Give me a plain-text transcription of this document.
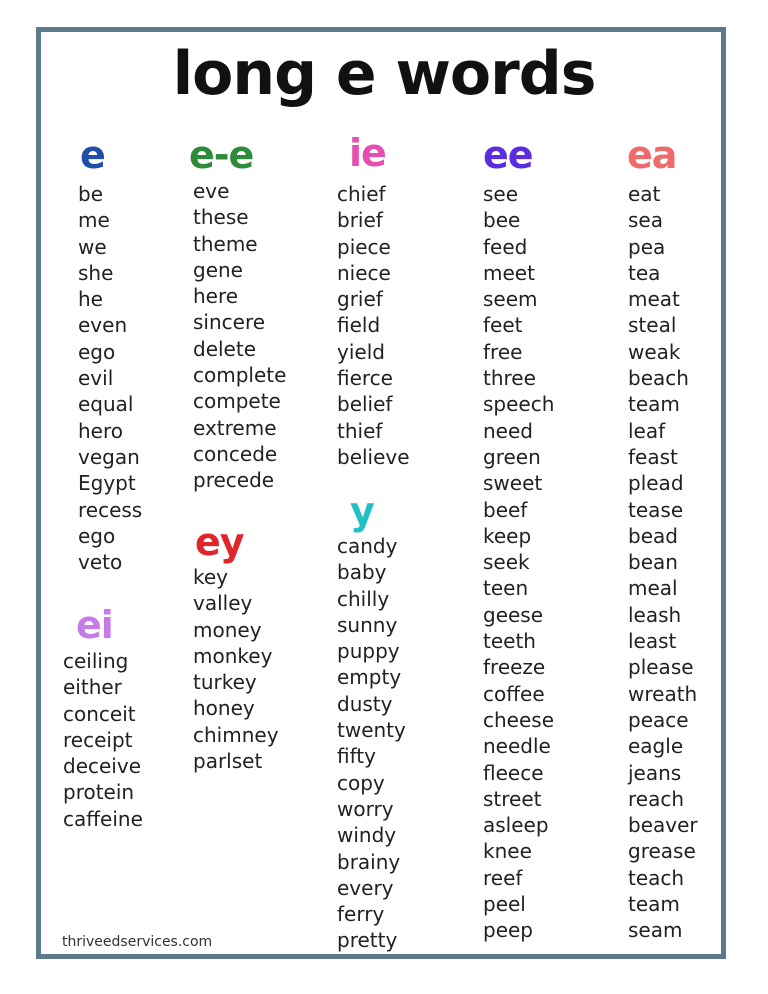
long e words
e
be
me
we
she
he
even
ego
evil
equal
hero
vegan
Egypt
recess
ego
veto
ei
ceiling
either
conceit
receipt
deceive
protein
caffeine
e-e
eve
these
theme
gene
here
sincere
delete
complete
compete
extreme
concede
precede
ey
key
valley
money
monkey
turkey
honey
chimney
parlset
ie
chief
brief
piece
niece
grief
field
yield
fierce
belief
thief
believe
y
candy
baby
chilly
sunny
puppy
empty
dusty
twenty
fifty
copy
worry
windy
brainy
every
ferry
pretty
ee
see
bee
feed
meet
seem
feet
free
three
speech
need
green
sweet
beef
keep
seek
teen
geese
teeth
freeze
coffee
cheese
needle
fleece
street
asleep
knee
reef
peel
peep
ea
eat
sea
pea
tea
meat
steal
weak
beach
team
leaf
feast
plead
tease
bead
bean
meal
leash
least
please
wreath
peace
eagle
jeans
reach
beaver
grease
teach
team
seam
thriveedservices.com
